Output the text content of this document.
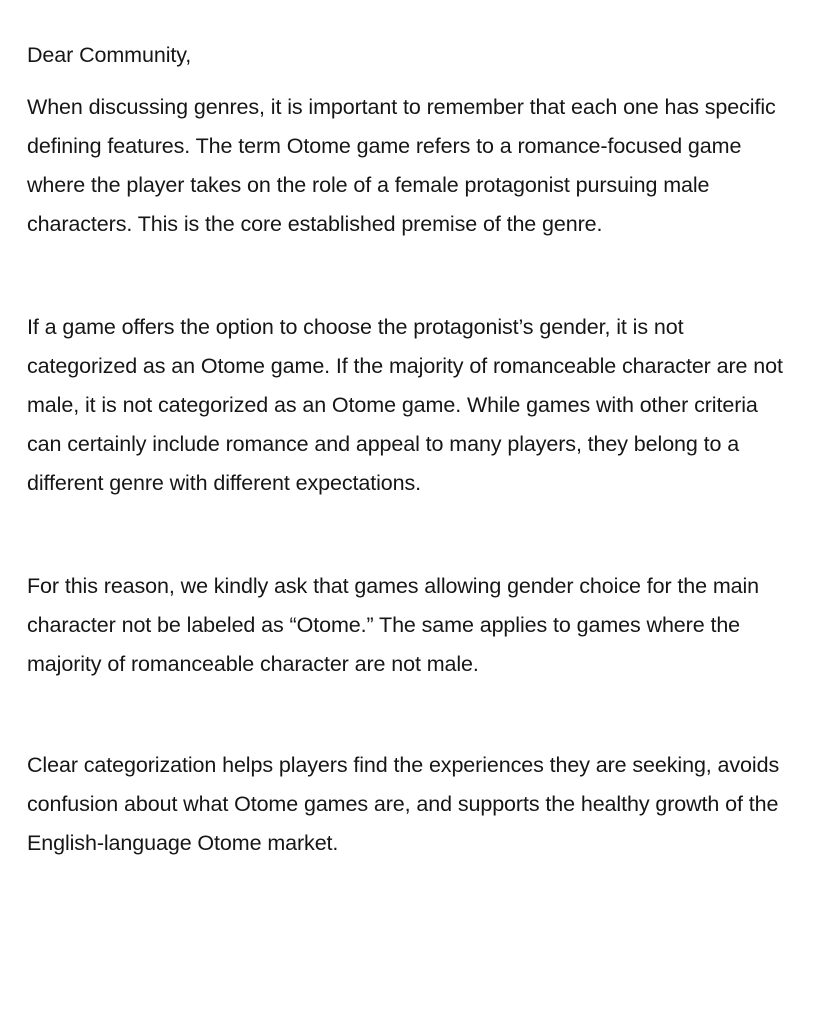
Dear Community,

When discussing genres, it is important to remember that each one has specific defining features. The term Otome game refers to a romance-focused game where the player takes on the role of a female protagonist pursuing male characters. This is the core established premise of the genre.

If a game offers the option to choose the protagonist’s gender, it is not categorized as an Otome game. If the majority of romanceable character are not male, it is not categorized as an Otome game. While games with other criteria can certainly include romance and appeal to many players, they belong to a different genre with different expectations.

For this reason, we kindly ask that games allowing gender choice for the main character not be labeled as “Otome.” The same applies to games where the majority of romanceable character are not male.

Clear categorization helps players find the experiences they are seeking, avoids confusion about what Otome games are, and supports the healthy growth of the English-language Otome market.
